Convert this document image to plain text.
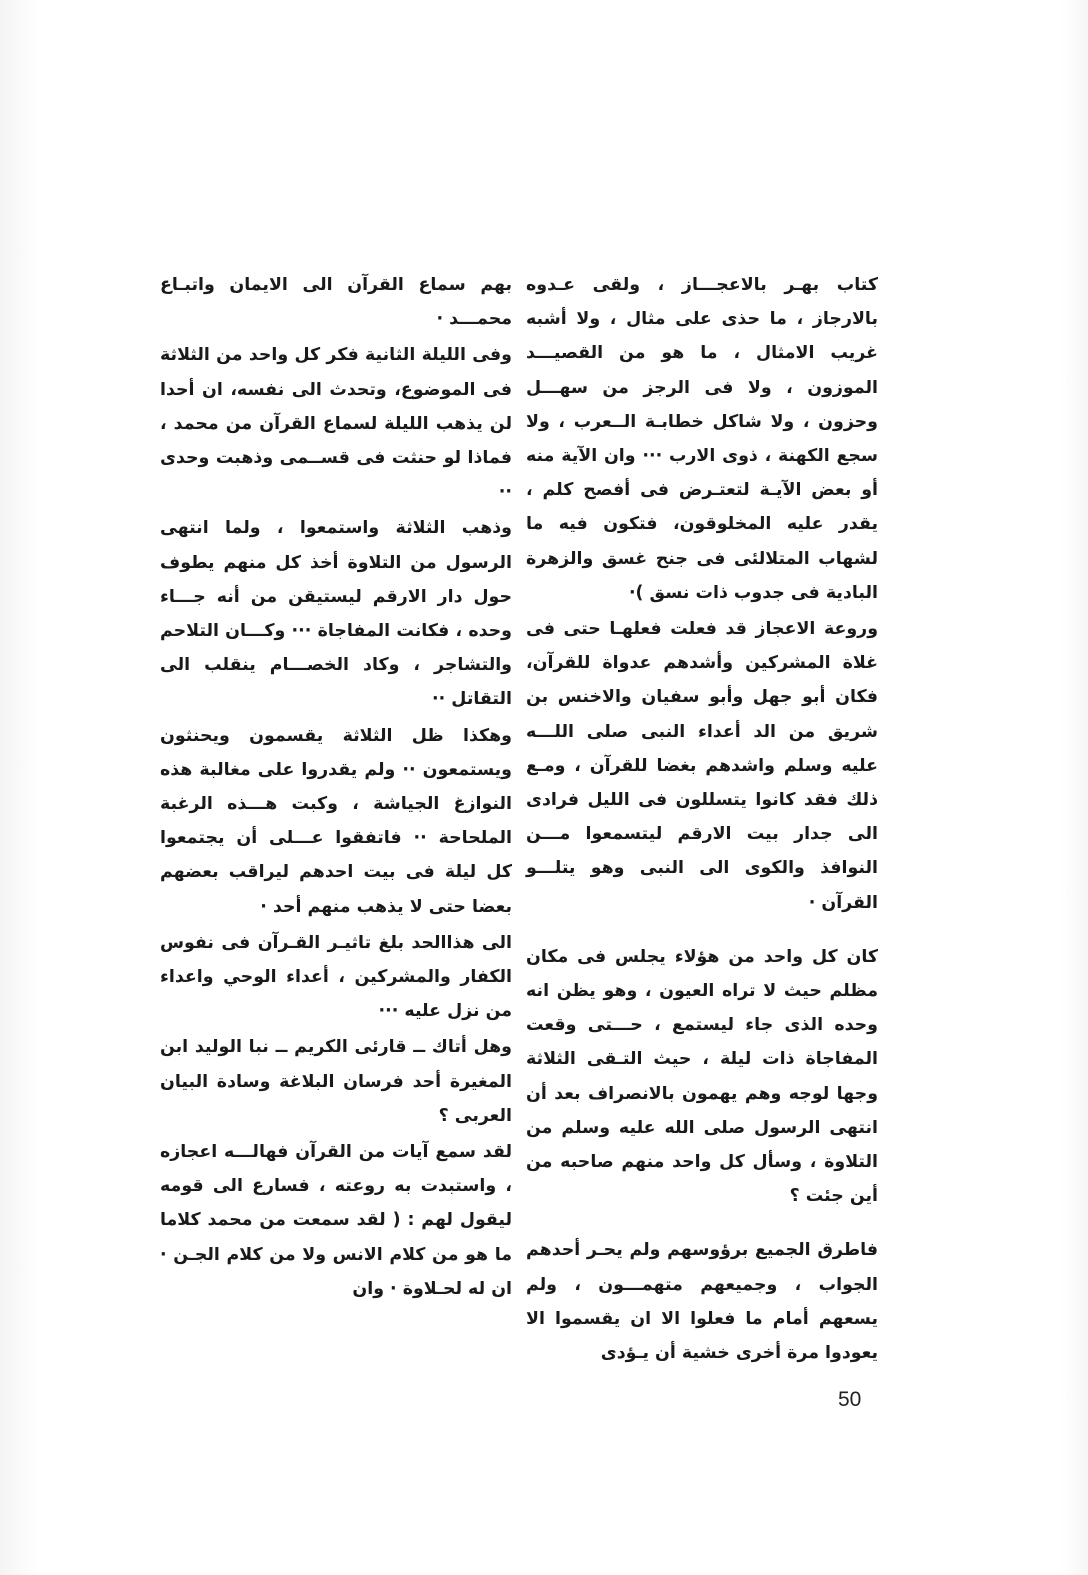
كتاب بهـر بالاعجـــاز ، ولقى عـدوه بالارجاز ، ما حذى على مثال ، ولا أشبه غريب الامثال ، ما هو من القصيـــد الموزون ، ولا فى الرجز من سهـــل وحزون ، ولا شاكل خطابـة الــعرب ، ولا سجع الكهنة ، ذوى الارب ··· وان الآية منه أو بعض الآيـة لتعتـرض فى أفصح كلم ، يقدر عليه المخلوقون، فتكون فيه ما لشهاب المتلالئى فى جنح غسق والزهرة البادية فى جدوب ذات نسق )·

وروعة الاعجاز قد فعلت فعلهـا حتى فى غلاة المشركين وأشدهم عدواة للقرآن، فكان أبو جهل وأبو سفيان والاخنس بن شريق من الد أعداء النبى صلى اللـــه عليه وسلم واشدهم بغضا للقرآن ، ومـع ذلك فقد كانوا يتسللون فى الليل فرادى الى جدار بيت الارقم ليتسمعوا مـــن النوافذ والكوى الى النبى وهو يتلـــو القرآن ·

كان كل واحد من هؤلاء يجلس فى مكان مظلم حيث لا تراه العيون ، وهو يظن انه وحده الذى جاء ليستمع ، حـــتى وقعت المفاجاة ذات ليلة ، حيث التـقى الثلاثة وجها لوجه وهم يهمون بالانصراف بعد أن انتهى الرسول صلى الله عليه وسلم من التلاوة ، وسأل كل واحد منهم صاحبه من أين جئت ؟

فاطرق الجميع برؤوسهم ولم يحـر أحدهم الجواب ، وجميعهم متهمـــون ، ولم يسعهم أمام ما فعلوا الا ان يقسموا الا يعودوا مرة أخرى خشية أن يـؤدى

بهم سماع القرآن الى الايمان واتبـاع محمـــد ·

وفى الليلة الثانية فكر كل واحد من الثلاثة فى الموضوع، وتحدث الى نفسه، ان أحدا لن يذهب الليلة لسماع القرآن من محمد ، فماذا لو حنثت فى قســمى وذهبت وحدى ··

وذهب الثلاثة واستمعوا ، ولما انتهى الرسول من التلاوة أخذ كل منهم يطوف حول دار الارقم ليستيقن من أنه جـــاء وحده ، فكانت المفاجاة ··· وكـــان التلاحم والتشاجر ، وكاد الخصـــام ينقلب الى التقاتل ··

وهكذا ظل الثلاثة يقسمون ويحنثون ويستمعون ·· ولم يقدروا على مغالبة هذه النوازغ الجياشة ، وكبت هـــذه الرغبة الملحاحة ·· فاتفقوا عـــلى أن يجتمعوا كل ليلة فى بيت احدهم ليراقب بعضهم بعضا حتى لا يذهب منهم أحد ·

الى هذاالحد بلغ تاثيـر القـرآن فى نفوس الكفار والمشركين ، أعداء الوحي واعداء من نزل عليه ···

وهل أتاك ــ قارئى الكريم ــ نبا الوليد ابن المغيرة أحد فرسان البلاغة وسادة البيان العربى ؟

لقد سمع آيات من القرآن فهالـــه اعجازه ، واستبدت به روعته ، فسارع الى قومه ليقول لهم : ( لقد سمعت من محمد كلاما ما هو من كلام الانس ولا من كلام الجـن · ان له لحـلاوة · وان

50
